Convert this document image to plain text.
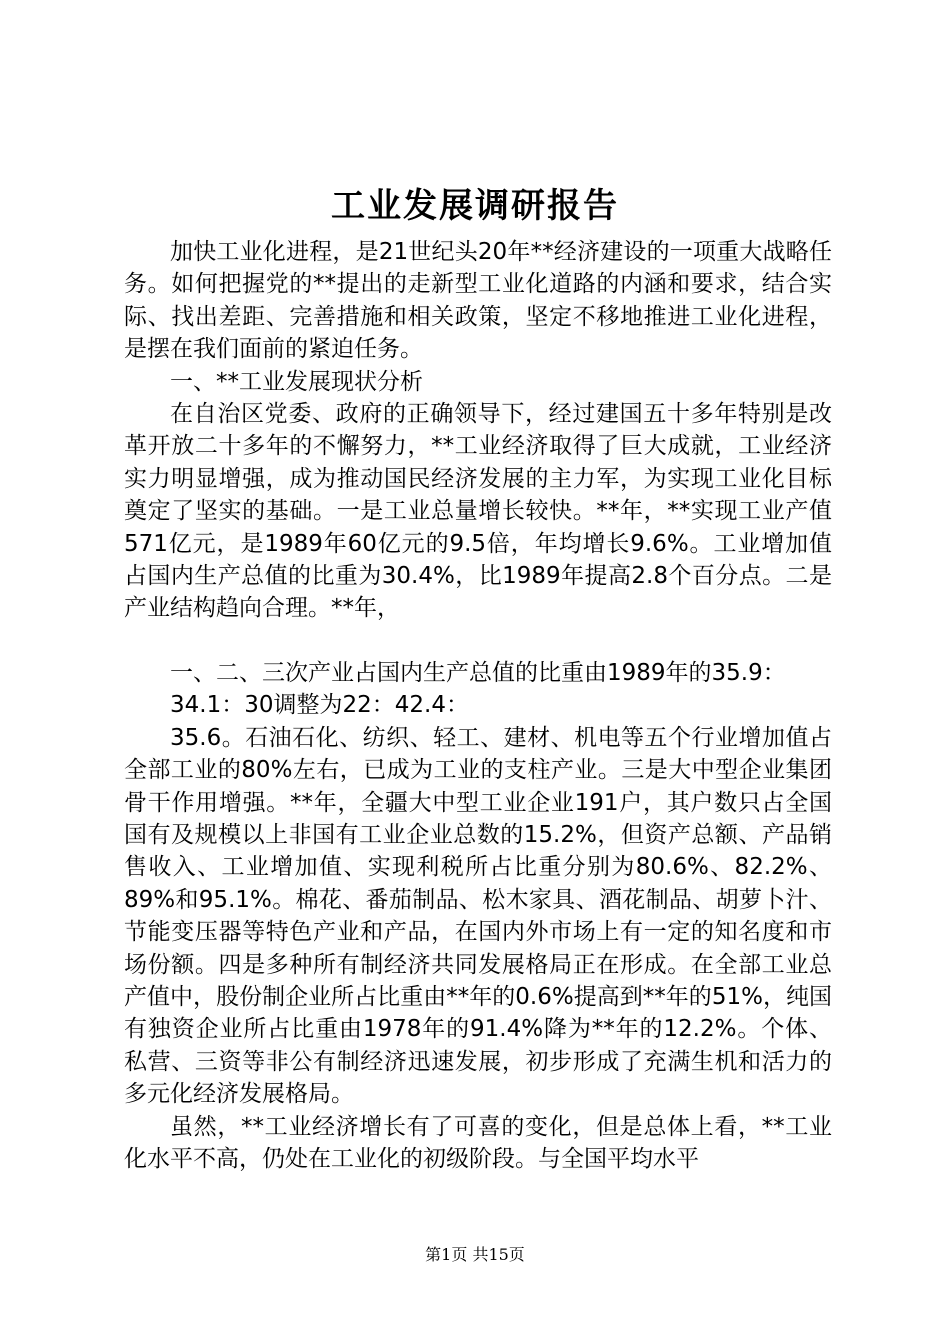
工业发展调研报告

加快工业化进程，是21世纪头20年**经济建设的一项重大战略任务。如何把握党的**提出的走新型工业化道路的内涵和要求，结合实际、找出差距、完善措施和相关政策，坚定不移地推进工业化进程，是摆在我们面前的紧迫任务。

一、**工业发展现状分析

在自治区党委、政府的正确领导下，经过建国五十多年特别是改革开放二十多年的不懈努力，**工业经济取得了巨大成就，工业经济实力明显增强，成为推动国民经济发展的主力军，为实现工业化目标奠定了坚实的基础。一是工业总量增长较快。**年，**实现工业产值571亿元，是1989年60亿元的9.5倍，年均增长9.6%。工业增加值占国内生产总值的比重为30.4%，比1989年提高2.8个百分点。二是产业结构趋向合理。**年，

一、二、三次产业占国内生产总值的比重由1989年的35.9：

34.1：30调整为22：42.4：

35.6。石油石化、纺织、轻工、建材、机电等五个行业增加值占全部工业的80%左右，已成为工业的支柱产业。三是大中型企业集团骨干作用增强。**年，全疆大中型工业企业191户，其户数只占全国国有及规模以上非国有工业企业总数的15.2%，但资产总额、产品销售收入、工业增加值、实现利税所占比重分别为80.6%、82.2%、89%和95.1%。棉花、番茄制品、松木家具、酒花制品、胡萝卜汁、节能变压器等特色产业和产品，在国内外市场上有一定的知名度和市场份额。四是多种所有制经济共同发展格局正在形成。在全部工业总产值中，股份制企业所占比重由**年的0.6%提高到**年的51%，纯国有独资企业所占比重由1978年的91.4%降为**年的12.2%。个体、私营、三资等非公有制经济迅速发展，初步形成了充满生机和活力的多元化经济发展格局。

虽然，**工业经济增长有了可喜的变化，但是总体上看，**工业化水平不高，仍处在工业化的初级阶段。与全国平均水平

第1页 共15页
